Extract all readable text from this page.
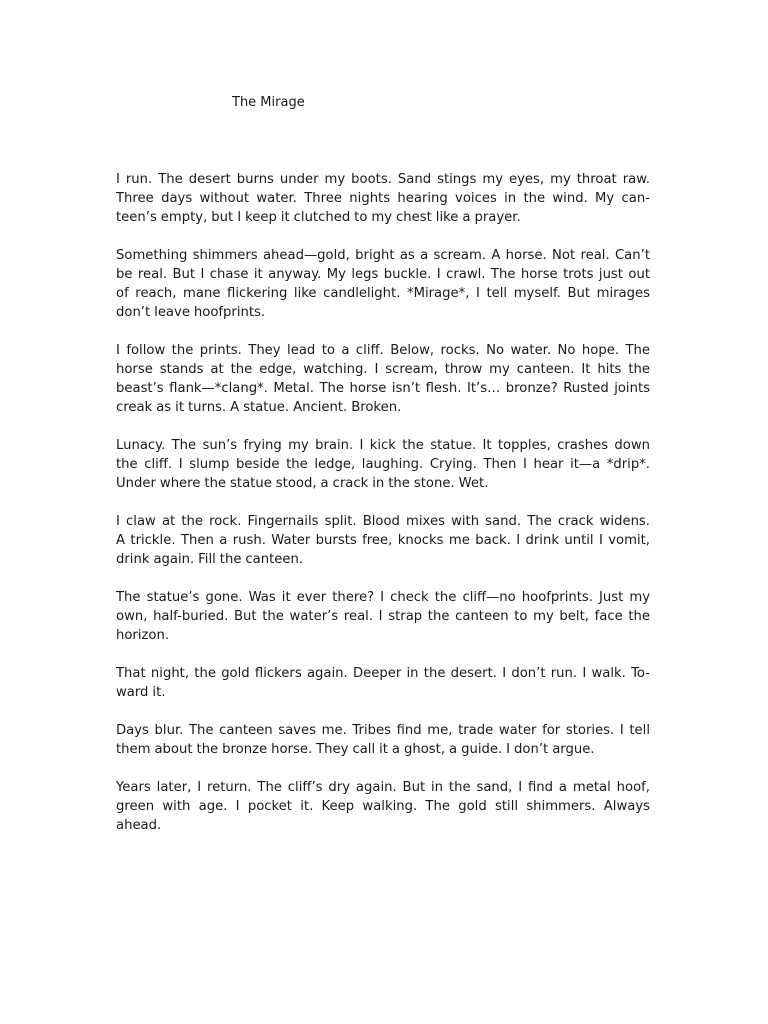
The Mirage

I run. The desert burns under my boots. Sand stings my eyes, my throat raw.
Three days without water. Three nights hearing voices in the wind. My can-
teen’s empty, but I keep it clutched to my chest like a prayer.

Something shimmers ahead—gold, bright as a scream. A horse. Not real. Can’t
be real. But I chase it anyway. My legs buckle. I crawl. The horse trots just out
of reach, mane flickering like candlelight. *Mirage*, I tell myself. But mirages
don’t leave hoofprints.

I follow the prints. They lead to a cliff. Below, rocks. No water. No hope. The
horse stands at the edge, watching. I scream, throw my canteen. It hits the
beast’s flank—*clang*. Metal. The horse isn’t flesh. It’s… bronze? Rusted joints
creak as it turns. A statue. Ancient. Broken.

Lunacy. The sun’s frying my brain. I kick the statue. It topples, crashes down
the cliff. I slump beside the ledge, laughing. Crying. Then I hear it—a *drip*.
Under where the statue stood, a crack in the stone. Wet.

I claw at the rock. Fingernails split. Blood mixes with sand. The crack widens.
A trickle. Then a rush. Water bursts free, knocks me back. I drink until I vomit,
drink again. Fill the canteen.

The statue’s gone. Was it ever there? I check the cliff—no hoofprints. Just my
own, half-buried. But the water’s real. I strap the canteen to my belt, face the
horizon.

That night, the gold flickers again. Deeper in the desert. I don’t run. I walk. To-
ward it.

Days blur. The canteen saves me. Tribes find me, trade water for stories. I tell
them about the bronze horse. They call it a ghost, a guide. I don’t argue.

Years later, I return. The cliff’s dry again. But in the sand, I find a metal hoof,
green with age. I pocket it. Keep walking. The gold still shimmers. Always
ahead.
